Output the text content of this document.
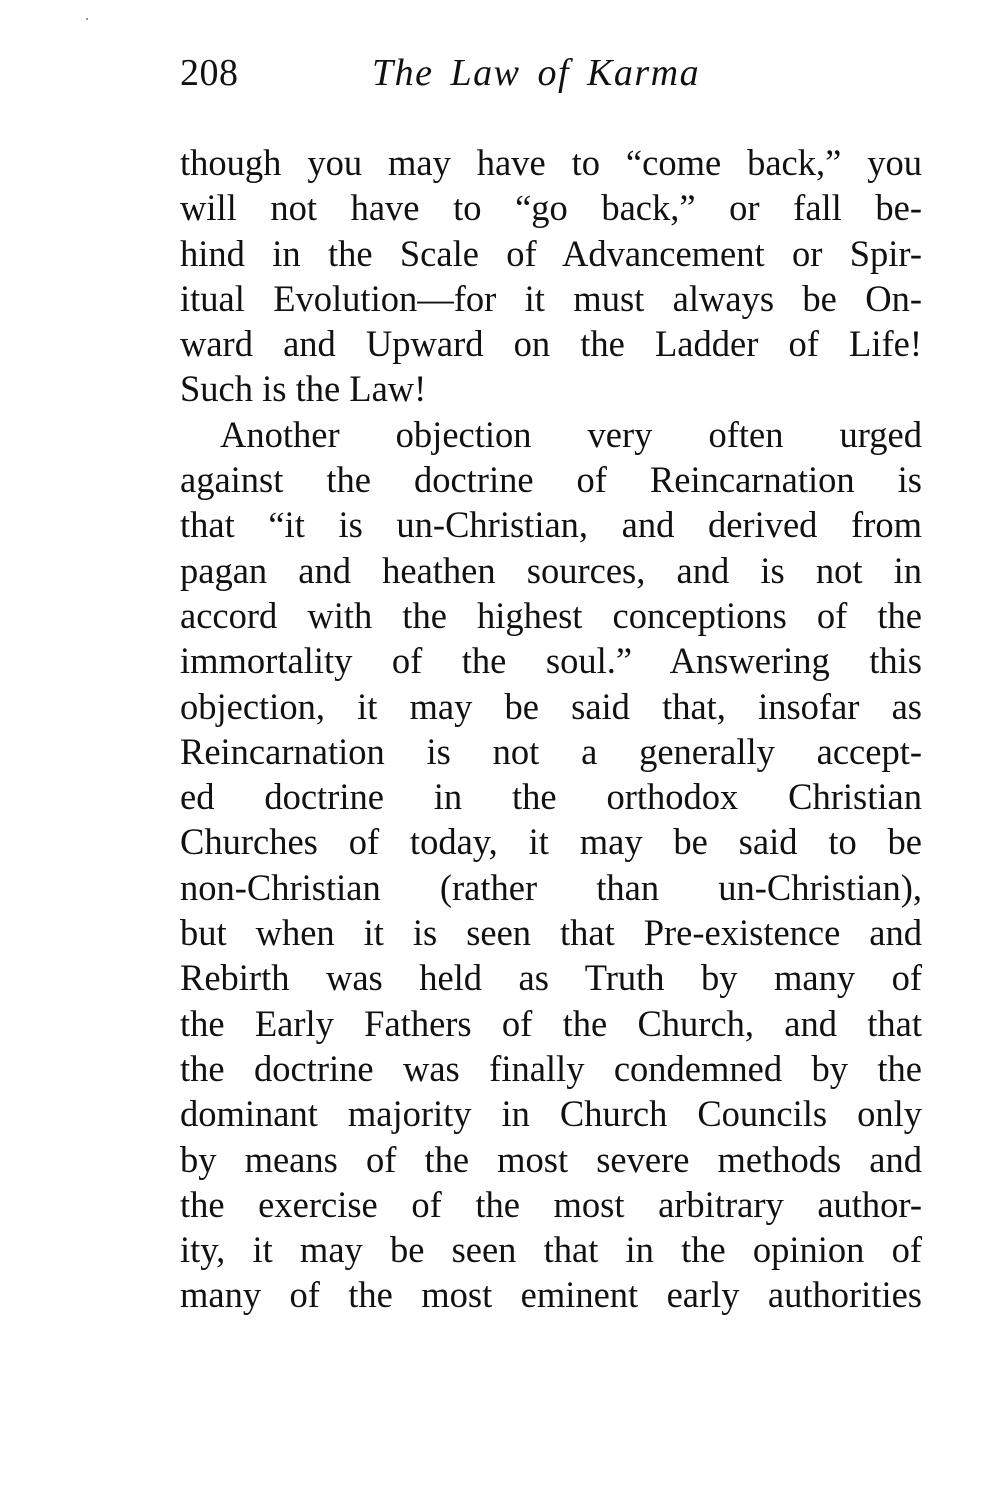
208	The Law of Karma
though you may have to “come back,” you
will not have to “go back,” or fall be-
hind in the Scale of Advancement or Spir-
itual Evolution—for it must always be On-
ward and Upward on the Ladder of Life!
Such is the Law!
Another objection very often urged
against the doctrine of Reincarnation is
that “it is un-Christian, and derived from
pagan and heathen sources, and is not in
accord with the highest conceptions of the
immortality of the soul.” Answering this
objection, it may be said that, insofar as
Reincarnation is not a generally accept-
ed doctrine in the orthodox Christian
Churches of today, it may be said to be
non-Christian (rather than un-Christian),
but when it is seen that Pre-existence and
Rebirth was held as Truth by many of
the Early Fathers of the Church, and that
the doctrine was finally condemned by the
dominant majority in Church Councils only
by means of the most severe methods and
the exercise of the most arbitrary author-
ity, it may be seen that in the opinion of
many of the most eminent early authorities
